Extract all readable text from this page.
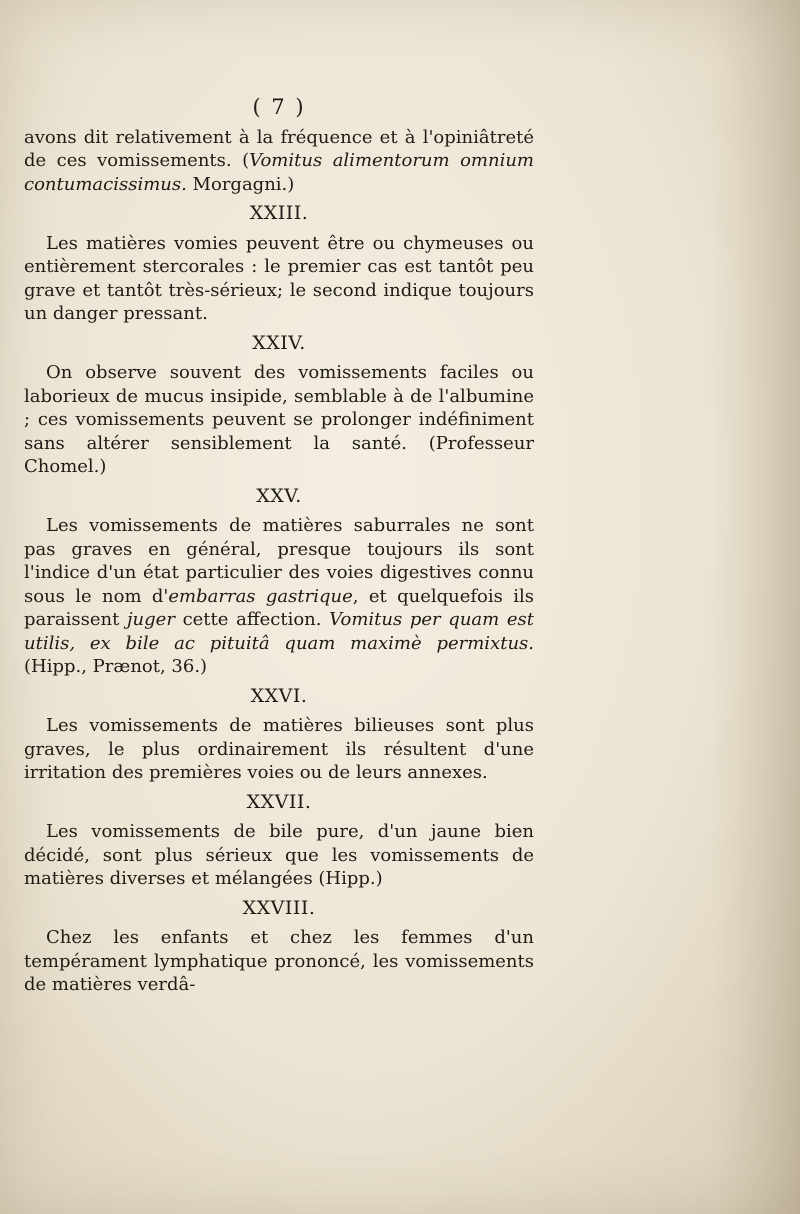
( 7 )

avons dit relativement à la fréquence et à l'opiniâtreté de ces vomissements. (Vomitus alimentorum omnium contumacissimus. Morgagni.)

XXIII.

Les matières vomies peuvent être ou chymeuses ou entièrement stercorales : le premier cas est tantôt peu grave et tantôt très-sérieux; le second indique toujours un danger pressant.

XXIV.

On observe souvent des vomissements faciles ou laborieux de mucus insipide, semblable à de l'albumine ; ces vomissements peuvent se prolonger indéfiniment sans altérer sensiblement la santé. (Professeur Chomel.)

XXV.

Les vomissements de matières saburrales ne sont pas graves en général, presque toujours ils sont l'indice d'un état particulier des voies digestives connu sous le nom d'embarras gastrique, et quelquefois ils paraissent juger cette affection. Vomitus per quam est utilis, ex bile ac pituitâ quam maximè permixtus. (Hipp., Prænot, 36.)

XXVI.

Les vomissements de matières bilieuses sont plus graves, le plus ordinairement ils résultent d'une irritation des premières voies ou de leurs annexes.

XXVII.

Les vomissements de bile pure, d'un jaune bien décidé, sont plus sérieux que les vomissements de matières diverses et mélangées (Hipp.)

XXVIII.

Chez les enfants et chez les femmes d'un tempérament lymphatique prononcé, les vomissements de matières verdâ-
